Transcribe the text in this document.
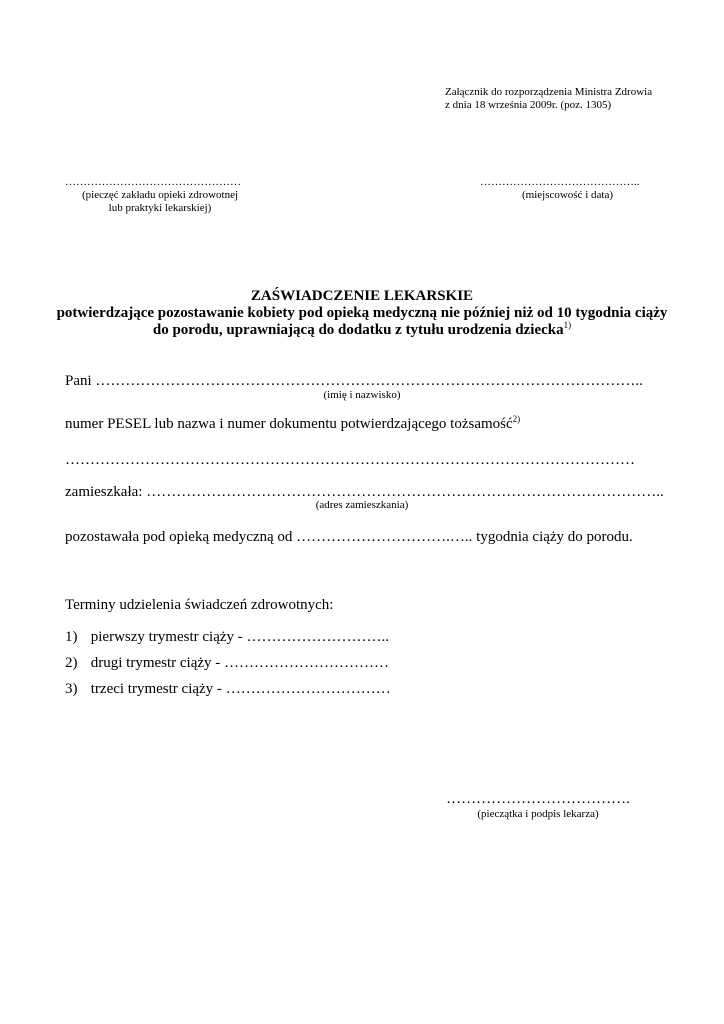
Załącznik do rozporządzenia Ministra Zdrowia
z dnia 18 września 2009r. (poz. 1305)
…………………………………………
(pieczęć zakładu opieki zdrowotnej
lub praktyki lekarskiej)
……………………………………..
(miejscowość i data)
ZAŚWIADCZENIE LEKARSKIE
potwierdzające pozostawanie kobiety pod opieką medyczną nie później niż od 10 tygodnia ciąży
do porodu, uprawniającą do dodatku z tytułu urodzenia dziecka$^{1)}$
Pani ………………………………………………………………………………………………..
(imię i nazwisko)
numer PESEL lub nazwa i numer dokumentu potwierdzającego tożsamość$^{2)}$
……………………………………………………………………………………………………
zamieszkała: …………………………………………………………………………………………..
(adres zamieszkania)
pozostawała pod opieką medyczną od ………………………….….. tygodnia ciąży do porodu.
Terminy udzielenia świadczeń zdrowotnych:
1) pierwszy trymestr ciąży - ………………………..
2) drugi trymestr ciąży - ……………………………
3) trzeci trymestr ciąży - ……………………………
……………………………….
(pieczątka i podpis lekarza)
